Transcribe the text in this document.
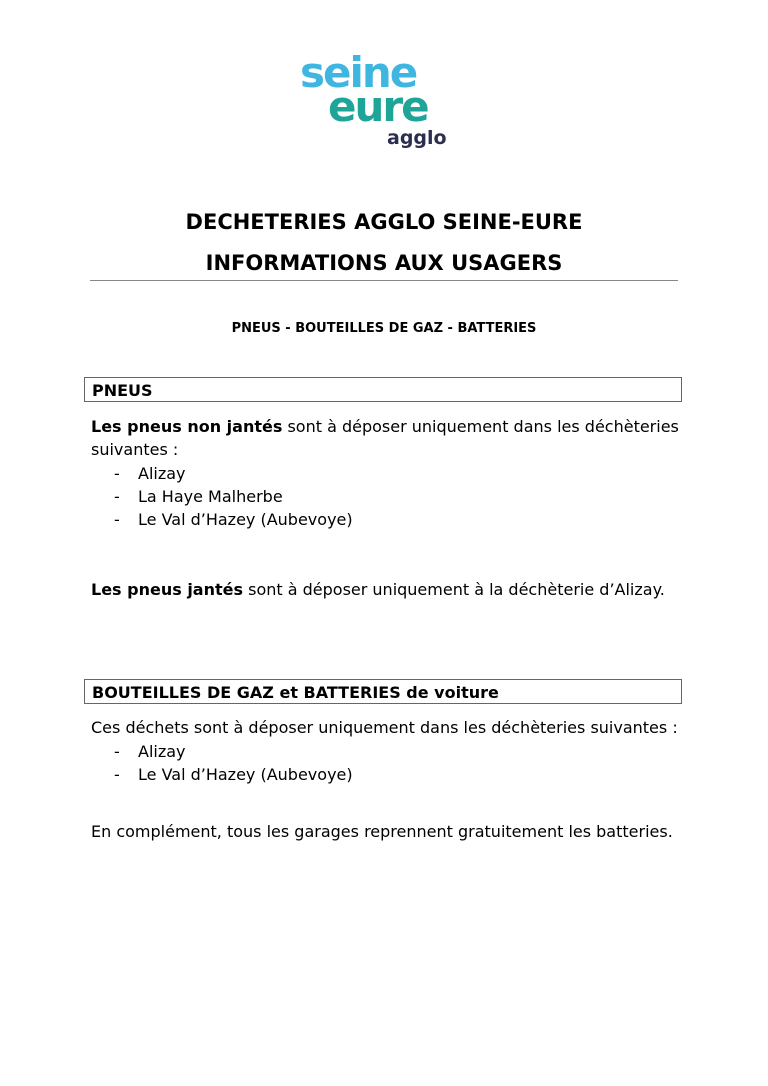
seine
eure
agglo
DECHETERIES AGGLO SEINE-EURE
INFORMATIONS AUX USAGERS
PNEUS - BOUTEILLES DE GAZ - BATTERIES
PNEUS
Les pneus non jantés sont à déposer uniquement dans les déchèteries
suivantes :
- Alizay
- La Haye Malherbe
- Le Val d’Hazey (Aubevoye)
Les pneus jantés sont à déposer uniquement à la déchèterie d’Alizay.
BOUTEILLES DE GAZ et BATTERIES de voiture
Ces déchets sont à déposer uniquement dans les déchèteries suivantes :
- Alizay
- Le Val d’Hazey (Aubevoye)
En complément, tous les garages reprennent gratuitement les batteries.
